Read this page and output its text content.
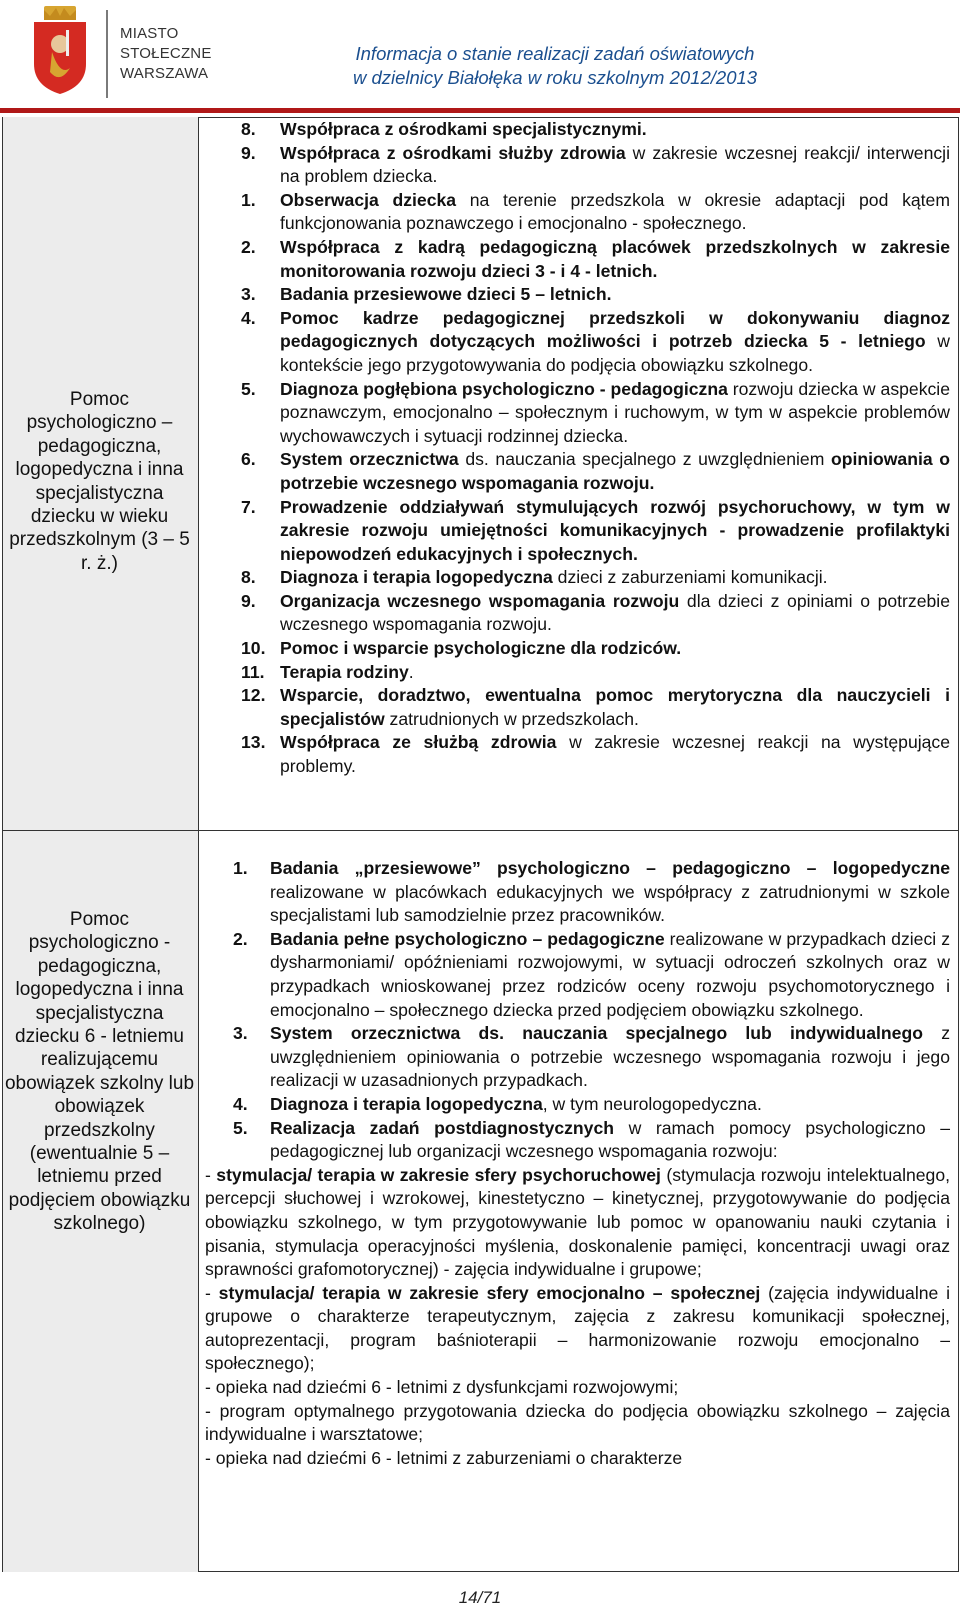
MIASTO
STOŁECZNE
WARSZAWA
Informacja o stanie realizacji zadań oświatowych
w dzielnicy Białołęka w roku szkolnym 2012/2013
Pomoc psychologiczno – pedagogiczna, logopedyczna i inna specjalistyczna dziecku w wieku przedszkolnym (3 – 5 r. ż.)
8. Współpraca z ośrodkami specjalistycznymi.
9. Współpraca z ośrodkami służby zdrowia w zakresie wczesnej reakcji/ interwencji na problem dziecka.
1. Obserwacja dziecka na terenie przedszkola w okresie adaptacji pod kątem funkcjonowania poznawczego i emocjonalno - społecznego.
2. Współpraca z kadrą pedagogiczną placówek przedszkolnych w zakresie monitorowania rozwoju dzieci 3 - i 4 - letnich.
3. Badania przesiewowe dzieci 5 – letnich.
4. Pomoc kadrze pedagogicznej przedszkoli w dokonywaniu diagnoz pedagogicznych dotyczących możliwości i potrzeb dziecka 5 - letniego w kontekście jego przygotowywania do podjęcia obowiązku szkolnego.
5. Diagnoza pogłębiona psychologiczno - pedagogiczna rozwoju dziecka w aspekcie poznawczym, emocjonalno – społecznym i ruchowym, w tym w aspekcie problemów wychowawczych i sytuacji rodzinnej dziecka.
6. System orzecznictwa ds. nauczania specjalnego z uwzględnieniem opiniowania o potrzebie wczesnego wspomagania rozwoju.
7. Prowadzenie oddziaływań stymulujących rozwój psychoruchowy, w tym w zakresie rozwoju umiejętności komunikacyjnych - prowadzenie profilaktyki niepowodzeń edukacyjnych i społecznych.
8. Diagnoza i terapia logopedyczna dzieci z zaburzeniami komunikacji.
9. Organizacja wczesnego wspomagania rozwoju dla dzieci z opiniami o potrzebie wczesnego wspomagania rozwoju.
10. Pomoc i wsparcie psychologiczne dla rodziców.
11. Terapia rodziny.
12. Wsparcie, doradztwo, ewentualna pomoc merytoryczna dla nauczycieli i specjalistów zatrudnionych w przedszkolach.
13. Współpraca ze służbą zdrowia w zakresie wczesnej reakcji na występujące problemy.
Pomoc psychologiczno - pedagogiczna, logopedyczna i inna specjalistyczna dziecku 6 - letniemu realizującemu obowiązek szkolny lub obowiązek przedszkolny (ewentualnie 5 – letniemu przed podjęciem obowiązku szkolnego)
1. Badania „przesiewowe” psychologiczno – pedagogiczno – logopedyczne realizowane w placówkach edukacyjnych we współpracy z zatrudnionymi w szkole specjalistami lub samodzielnie przez pracowników.
2. Badania pełne psychologiczno – pedagogiczne realizowane w przypadkach dzieci z dysharmoniami/ opóźnieniami rozwojowymi, w sytuacji odroczeń szkolnych oraz w przypadkach wnioskowanej przez rodziców oceny rozwoju psychomotorycznego i emocjonalno – społecznego dziecka przed podjęciem obowiązku szkolnego.
3. System orzecznictwa ds. nauczania specjalnego lub indywidualnego z uwzględnieniem opiniowania o potrzebie wczesnego wspomagania rozwoju i jego realizacji w uzasadnionych przypadkach.
4. Diagnoza i terapia logopedyczna, w tym neurologopedyczna.
5. Realizacja zadań postdiagnostycznych w ramach pomocy psychologiczno – pedagogicznej lub organizacji wczesnego wspomagania rozwoju:
- stymulacja/ terapia w zakresie sfery psychoruchowej (stymulacja rozwoju intelektualnego, percepcji słuchowej i wzrokowej, kinestetyczno – kinetycznej, przygotowywanie do podjęcia obowiązku szkolnego, w tym przygotowywanie lub pomoc w opanowaniu nauki czytania i pisania, stymulacja operacyjności myślenia, doskonalenie pamięci, koncentracji uwagi oraz sprawności grafomotorycznej) - zajęcia indywidualne i grupowe;
- stymulacja/ terapia w zakresie sfery emocjonalno – społecznej (zajęcia indywidualne i grupowe o charakterze terapeutycznym, zajęcia z zakresu komunikacji społecznej, autoprezentacji, program baśnioterapii – harmonizowanie rozwoju emocjonalno – społecznego);
- opieka nad dziećmi 6 - letnimi z dysfunkcjami rozwojowymi;
- program optymalnego przygotowania dziecka do podjęcia obowiązku szkolnego – zajęcia indywidualne i warsztatowe;
- opieka nad dziećmi 6 - letnimi z zaburzeniami o charakterze
14/71
